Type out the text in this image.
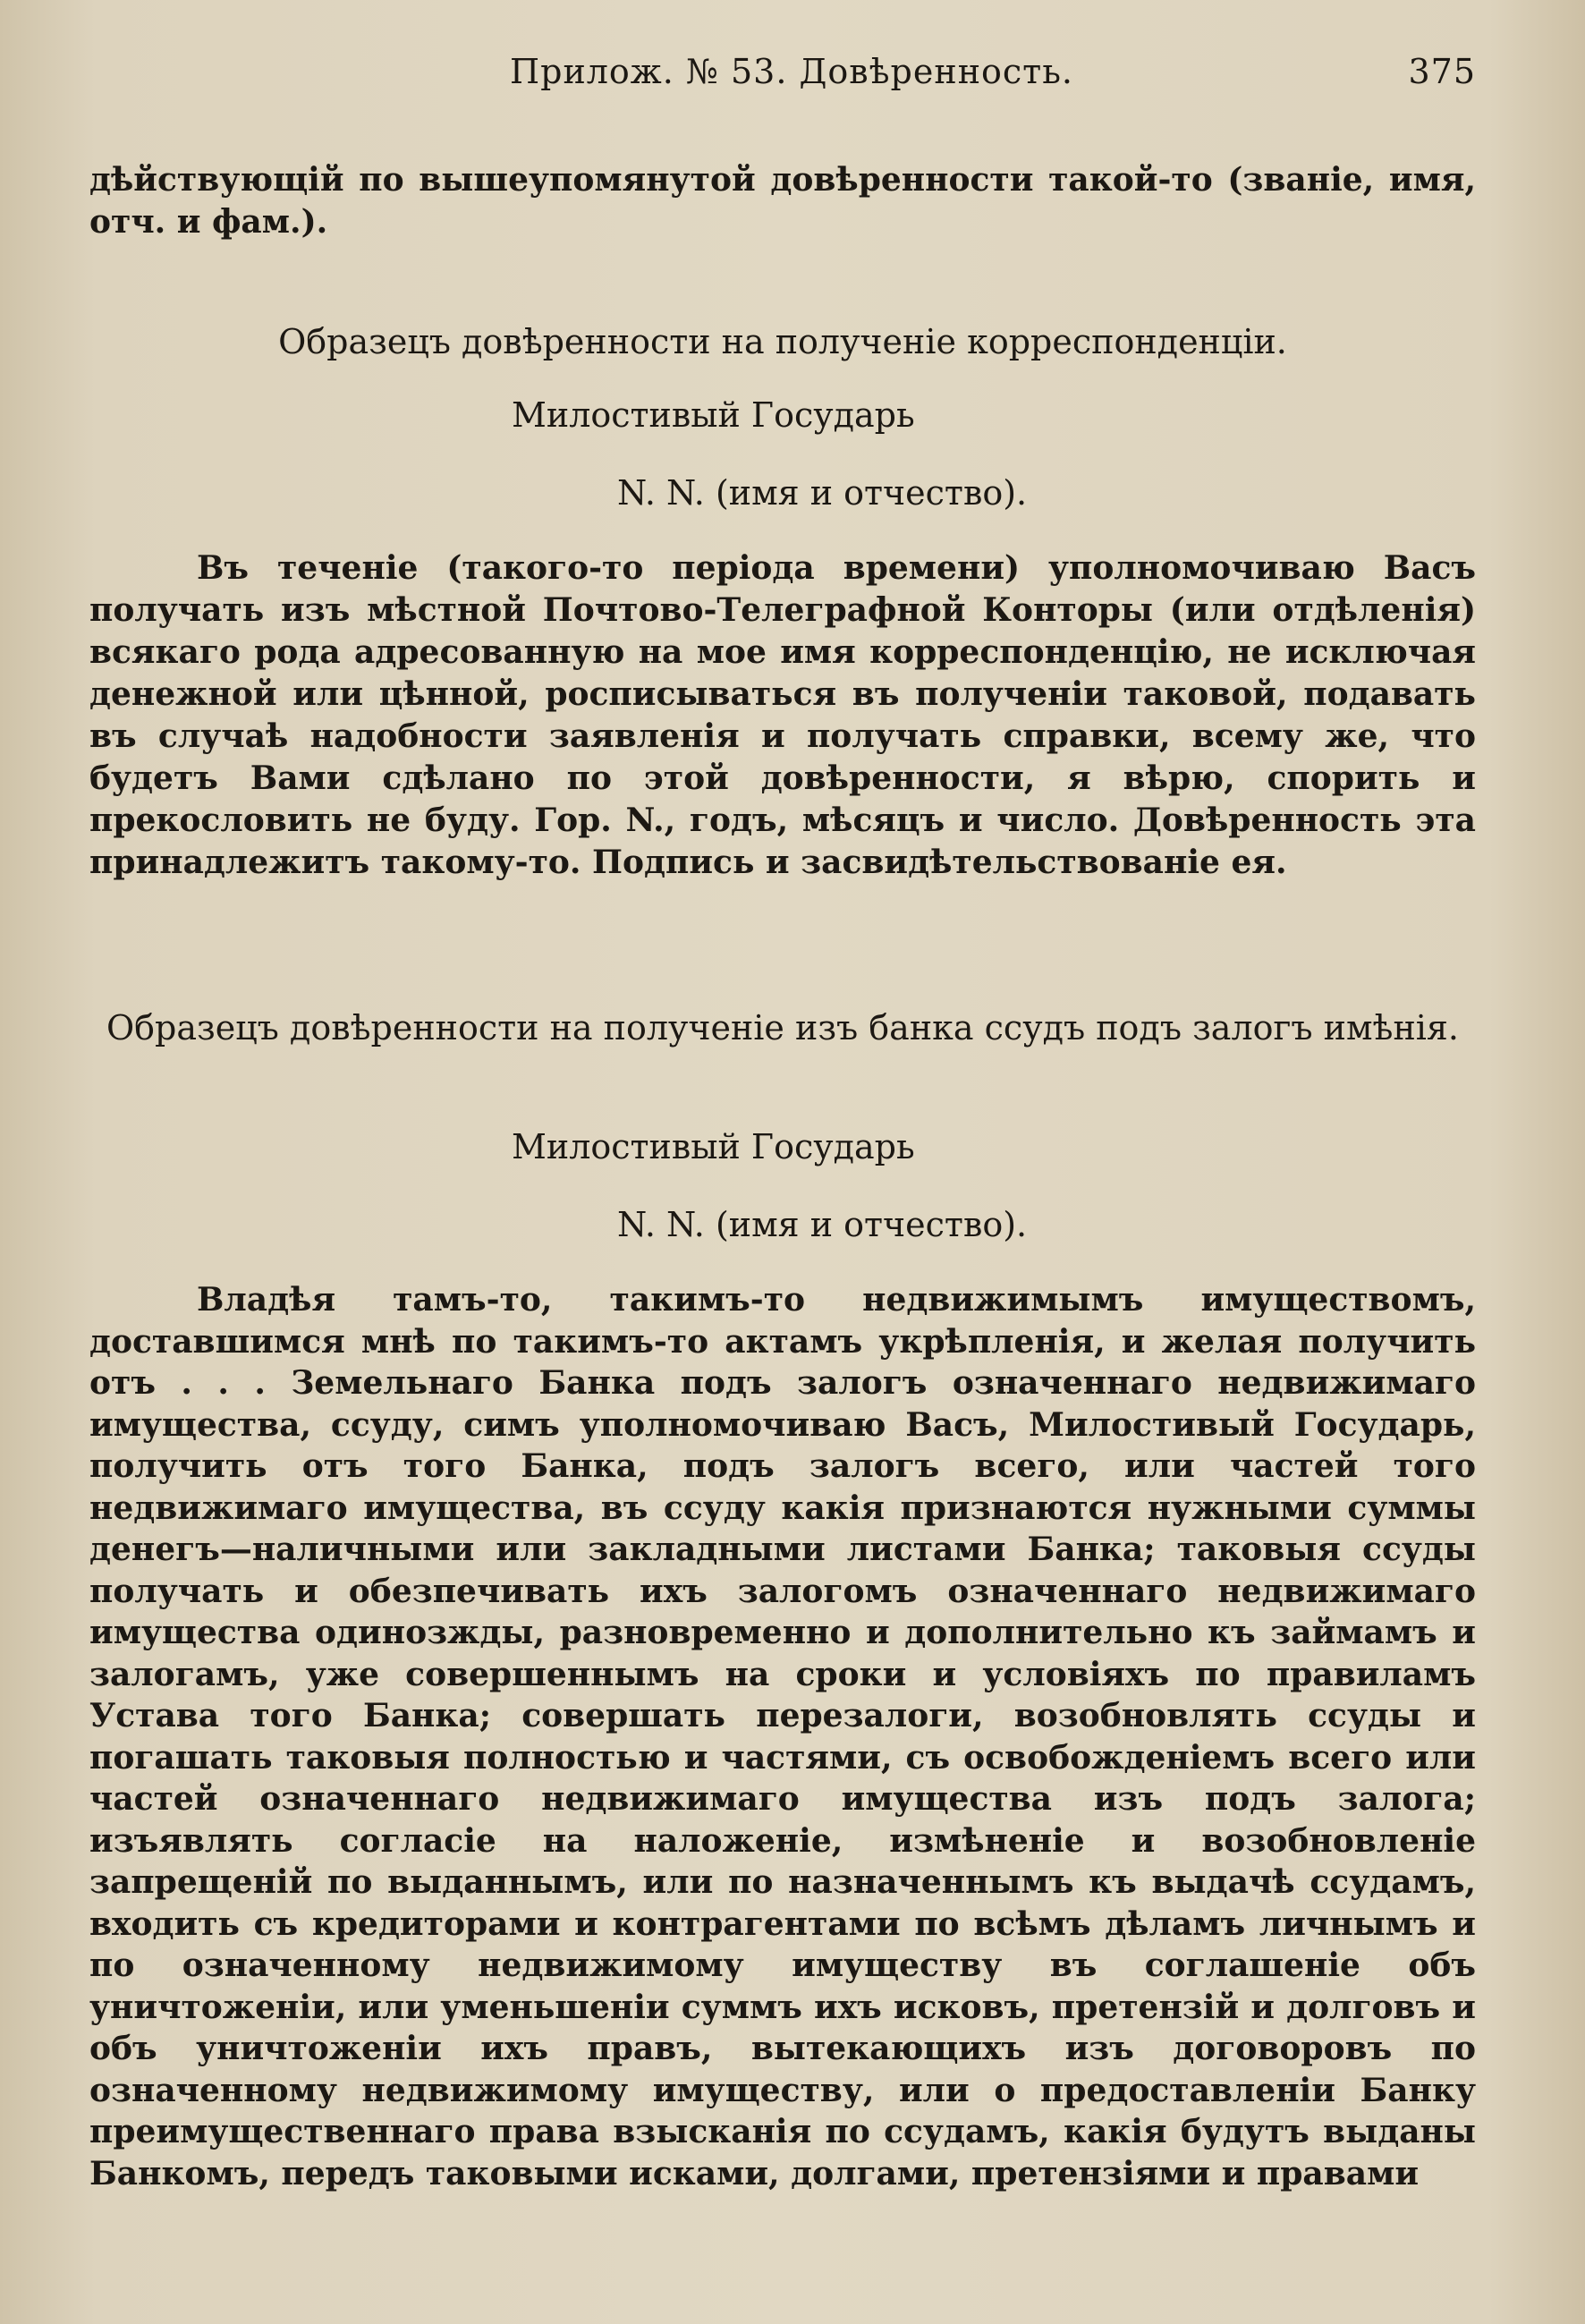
Прилож. № 53. Довѣренность.	375
дѣйствующій по вышеупомянутой довѣренности такой-то (званіе, имя, отч. и фам.).
Образецъ довѣренности на полученіе корреспонденціи.
Милостивый Государь
N. N. (имя и отчество).
Въ теченіе (такого-то періода времени) уполномочиваю Васъ получать изъ мѣстной Почтово-Телеграфной Конторы (или отдѣленія) всякаго рода адресованную на мое имя корреспонденцію, не исключая денежной или цѣнной, росписываться въ полученіи таковой, подавать въ случаѣ надобности заявленія и получать справки, всему же, что будетъ Вами сдѣлано по этой довѣренности, я вѣрю, спорить и прекословить не буду. Гор. N., годъ, мѣсяцъ и число. Довѣренность эта принадлежитъ такому-то. Подпись и засвидѣтельствованіе ея.
Образецъ довѣренности на полученіе изъ банка ссудъ подъ залогъ имѣнія.
Милостивый Государь
N. N. (имя и отчество).
Владѣя тамъ-то, такимъ-то недвижимымъ имуществомъ, доставшимся мнѣ по такимъ-то актамъ укрѣпленія, и желая получить отъ . . . Земельнаго Банка подъ залогъ означеннаго недвижимаго имущества, ссуду, симъ уполномочиваю Васъ, Милостивый Государь, получить отъ того Банка, подъ залогъ всего, или частей того недвижимаго имущества, въ ссуду какія признаются нужными суммы денегъ—наличными или закладными листами Банка; таковыя ссуды получать и обезпечивать ихъ залогомъ означеннаго недвижимаго имущества одинозжды, разновременно и дополнительно къ займамъ и залогамъ, уже совершеннымъ на сроки и условіяхъ по правиламъ Устава того Банка; совершать перезалоги, возобновлять ссуды и погашать таковыя полностью и частями, съ освобожденіемъ всего или частей означеннаго недвижимаго имущества изъ подъ залога; изъявлять согласіе на наложеніе, измѣненіе и возобновленіе запрещеній по выданнымъ, или по назначеннымъ къ выдачѣ ссудамъ, входить съ кредиторами и контрагентами по всѣмъ дѣламъ личнымъ и по означенному недвижимому имуществу въ соглашеніе объ уничтоженіи, или уменьшеніи суммъ ихъ исковъ, претензій и долговъ и объ уничтоженіи ихъ правъ, вытекающихъ изъ договоровъ по означенному недвижимому имуществу, или о предоставленіи Банку преимущественнаго права взысканія по ссудамъ, какія будутъ выданы Банкомъ, передъ таковыми исками, долгами, претензіями и правами
